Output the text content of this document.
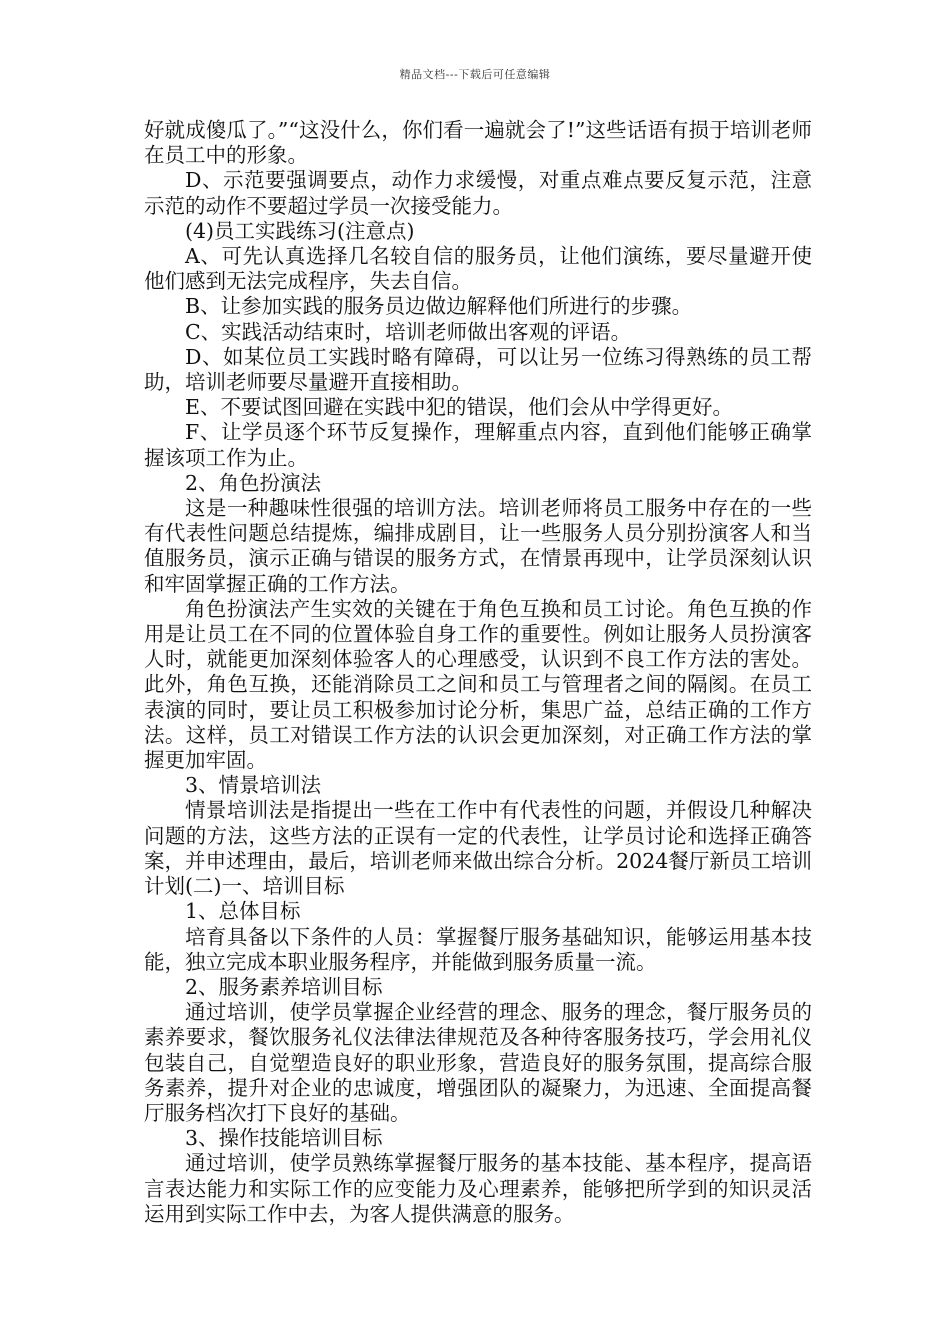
精品文档---下载后可任意编辑

好就成傻瓜了。”“这没什么，你们看一遍就会了!”这些话语有损于培训老师在员工中的形象。

D、示范要强调要点，动作力求缓慢，对重点难点要反复示范，注意示范的动作不要超过学员一次接受能力。

(4)员工实践练习(注意点)

A、可先认真选择几名较自信的服务员，让他们演练，要尽量避开使他们感到无法完成程序，失去自信。

B、让参加实践的服务员边做边解释他们所进行的步骤。

C、实践活动结束时，培训老师做出客观的评语。

D、如某位员工实践时略有障碍，可以让另一位练习得熟练的员工帮助，培训老师要尽量避开直接相助。

E、不要试图回避在实践中犯的错误，他们会从中学得更好。

F、让学员逐个环节反复操作，理解重点内容，直到他们能够正确掌握该项工作为止。

2、角色扮演法

这是一种趣味性很强的培训方法。培训老师将员工服务中存在的一些有代表性问题总结提炼，编排成剧目，让一些服务人员分别扮演客人和当值服务员，演示正确与错误的服务方式，在情景再现中，让学员深刻认识和牢固掌握正确的工作方法。

角色扮演法产生实效的关键在于角色互换和员工讨论。角色互换的作用是让员工在不同的位置体验自身工作的重要性。例如让服务人员扮演客人时，就能更加深刻体验客人的心理感受，认识到不良工作方法的害处。此外，角色互换，还能消除员工之间和员工与管理者之间的隔阂。在员工表演的同时，要让员工积极参加讨论分析，集思广益，总结正确的工作方法。这样，员工对错误工作方法的认识会更加深刻，对正确工作方法的掌握更加牢固。

3、情景培训法

情景培训法是指提出一些在工作中有代表性的问题，并假设几种解决问题的方法，这些方法的正误有一定的代表性，让学员讨论和选择正确答案，并申述理由，最后，培训老师来做出综合分析。2024餐厅新员工培训计划(二)一、培训目标

1、总体目标

培育具备以下条件的人员：掌握餐厅服务基础知识，能够运用基本技能，独立完成本职业服务程序，并能做到服务质量一流。

2、服务素养培训目标

通过培训，使学员掌握企业经营的理念、服务的理念，餐厅服务员的素养要求，餐饮服务礼仪法律法律规范及各种待客服务技巧，学会用礼仪包装自己，自觉塑造良好的职业形象，营造良好的服务氛围，提高综合服务素养，提升对企业的忠诚度，增强团队的凝聚力，为迅速、全面提高餐厅服务档次打下良好的基础。

3、操作技能培训目标

通过培训，使学员熟练掌握餐厅服务的基本技能、基本程序，提高语言表达能力和实际工作的应变能力及心理素养，能够把所学到的知识灵活运用到实际工作中去，为客人提供满意的服务。
